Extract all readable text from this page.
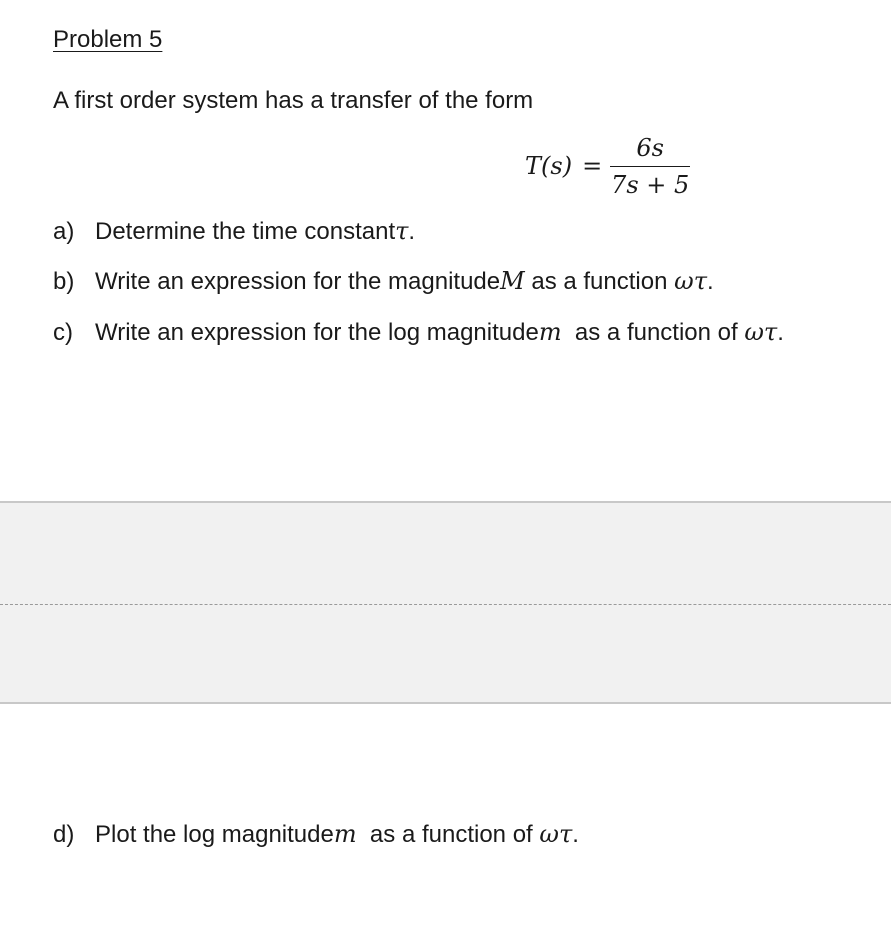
Problem 5
A first order system has a transfer of the form
$T(s) = \frac{6s}{7s + 5}$
a) Determine the time constant τ .
b) Write an expression for the magnitude M as a function ωτ .
c) Write an expression for the log magnitude m as a function of ωτ .
d) Plot the log magnitude m as a function of ωτ .
